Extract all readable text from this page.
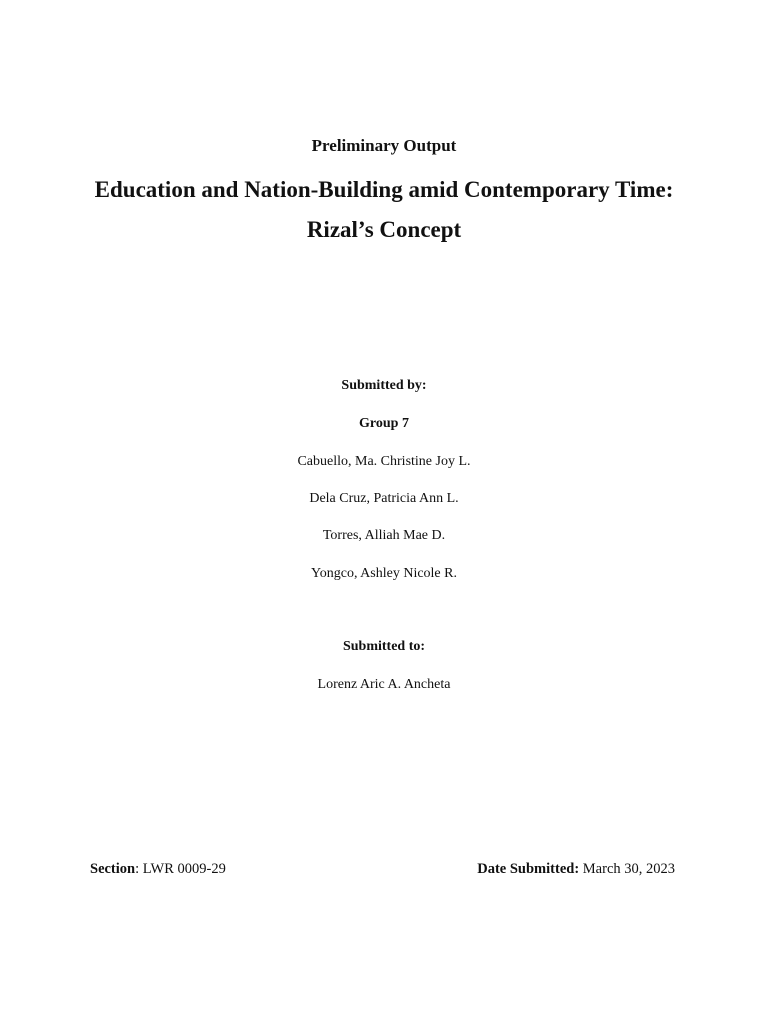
Preliminary Output
Education and Nation-Building amid Contemporary Time:
Rizal’s Concept
Submitted by:
Group 7
Cabuello, Ma. Christine Joy L.
Dela Cruz, Patricia Ann L.
Torres, Alliah Mae D.
Yongco, Ashley Nicole R.
Submitted to:
Lorenz Aric A. Ancheta
Section: LWR 0009-29	Date Submitted: March 30, 2023
